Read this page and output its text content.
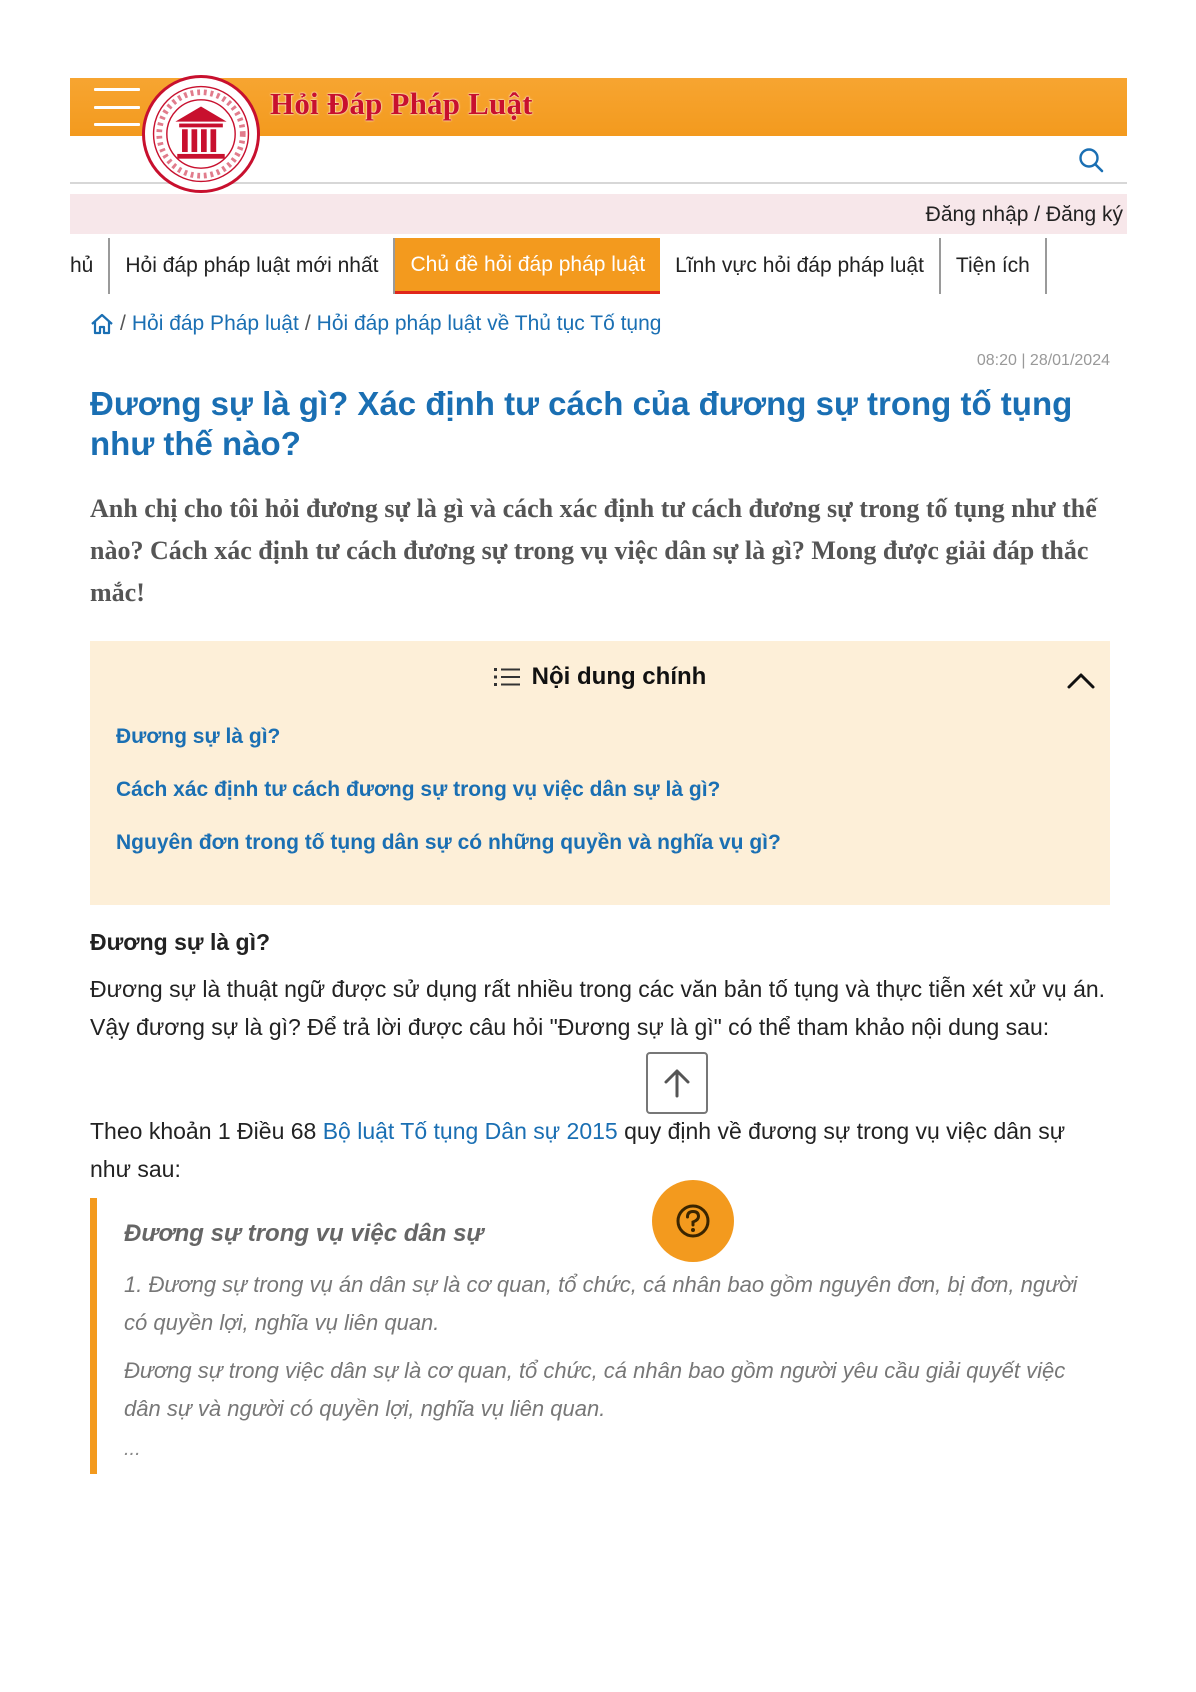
Hỏi Đáp Pháp Luật
Đăng nhập / Đăng ký
hủ	Hỏi đáp pháp luật mới nhất	Chủ đề hỏi đáp pháp luật	Lĩnh vực hỏi đáp pháp luật	Tiện ích
/ Hỏi đáp Pháp luật / Hỏi đáp pháp luật về Thủ tục Tố tụng
08:20 | 28/01/2024
Đương sự là gì? Xác định tư cách của đương sự trong tố tụng như thế nào?

Anh chị cho tôi hỏi đương sự là gì và cách xác định tư cách đương sự trong tố tụng như thế nào? Cách xác định tư cách đương sự trong vụ việc dân sự là gì? Mong được giải đáp thắc mắc!

Nội dung chính
Đương sự là gì?
Cách xác định tư cách đương sự trong vụ việc dân sự là gì?
Nguyên đơn trong tố tụng dân sự có những quyền và nghĩa vụ gì?
Đương sự là gì?

Đương sự là thuật ngữ được sử dụng rất nhiều trong các văn bản tố tụng và thực tiễn xét xử vụ án. Vậy đương sự là gì? Để trả lời được câu hỏi "Đương sự là gì" có thể tham khảo nội dung sau:

Theo khoản 1 Điều 68 Bộ luật Tố tụng Dân sự 2015 quy định về đương sự trong vụ việc dân sự như sau:

Đương sự trong vụ việc dân sự

1. Đương sự trong vụ án dân sự là cơ quan, tổ chức, cá nhân bao gồm nguyên đơn, bị đơn, người có quyền lợi, nghĩa vụ liên quan.

Đương sự trong việc dân sự là cơ quan, tổ chức, cá nhân bao gồm người yêu cầu giải quyết việc dân sự và người có quyền lợi, nghĩa vụ liên quan.

...
